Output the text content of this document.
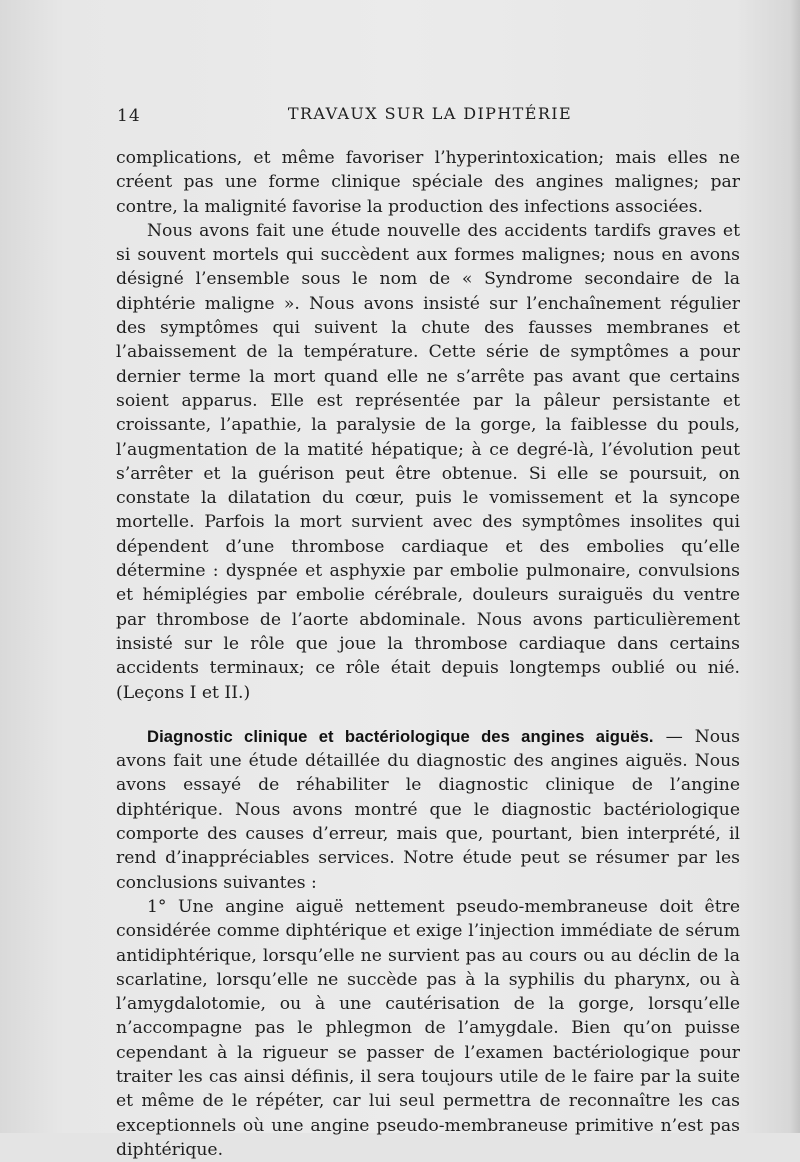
14	TRAVAUX SUR LA DIPHTÉRIE

complications, et même favoriser l’hyperintoxication; mais elles ne créent pas une forme clinique spéciale des angines malignes; par contre, la malignité favorise la production des infections associées.

Nous avons fait une étude nouvelle des accidents tardifs graves et si souvent mortels qui succèdent aux formes malignes; nous en avons désigné l’ensemble sous le nom de « Syndrome secondaire de la diphtérie maligne ». Nous avons insisté sur l’enchaînement régulier des symptômes qui suivent la chute des fausses membranes et l’abaissement de la température. Cette série de symptômes a pour dernier terme la mort quand elle ne s’arrête pas avant que certains soient apparus. Elle est représentée par la pâleur persistante et croissante, l’apathie, la paralysie de la gorge, la faiblesse du pouls, l’augmentation de la matité hépatique; à ce degré-là, l’évolution peut s’arrêter et la guérison peut être obtenue. Si elle se poursuit, on constate la dilatation du cœur, puis le vomissement et la syncope mortelle. Parfois la mort survient avec des symptômes insolites qui dépendent d’une thrombose cardiaque et des embolies qu’elle détermine : dyspnée et asphyxie par embolie pulmonaire, convulsions et hémiplégies par embolie cérébrale, douleurs suraiguës du ventre par thrombose de l’aorte abdominale. Nous avons particulièrement insisté sur le rôle que joue la thrombose cardiaque dans certains accidents terminaux; ce rôle était depuis longtemps oublié ou nié. (Leçons I et II.)

Diagnostic clinique et bactériologique des angines aiguës. — Nous avons fait une étude détaillée du diagnostic des angines aiguës. Nous avons essayé de réhabiliter le diagnostic clinique de l’angine diphtérique. Nous avons montré que le diagnostic bactériologique comporte des causes d’erreur, mais que, pourtant, bien interprété, il rend d’inappréciables services. Notre étude peut se résumer par les conclusions suivantes :

1° Une angine aiguë nettement pseudo-membraneuse doit être considérée comme diphtérique et exige l’injection immédiate de sérum antidiphtérique, lorsqu’elle ne survient pas au cours ou au déclin de la scarlatine, lorsqu’elle ne succède pas à la syphilis du pharynx, ou à l’amygdalotomie, ou à une cautérisation de la gorge, lorsqu’elle n’accompagne pas le phlegmon de l’amygdale. Bien qu’on puisse cependant à la rigueur se passer de l’examen bactériologique pour traiter les cas ainsi définis, il sera toujours utile de le faire par la suite et même de le répéter, car lui seul permettra de reconnaître les cas exceptionnels où une angine pseudo-membraneuse primitive n’est pas diphtérique.
